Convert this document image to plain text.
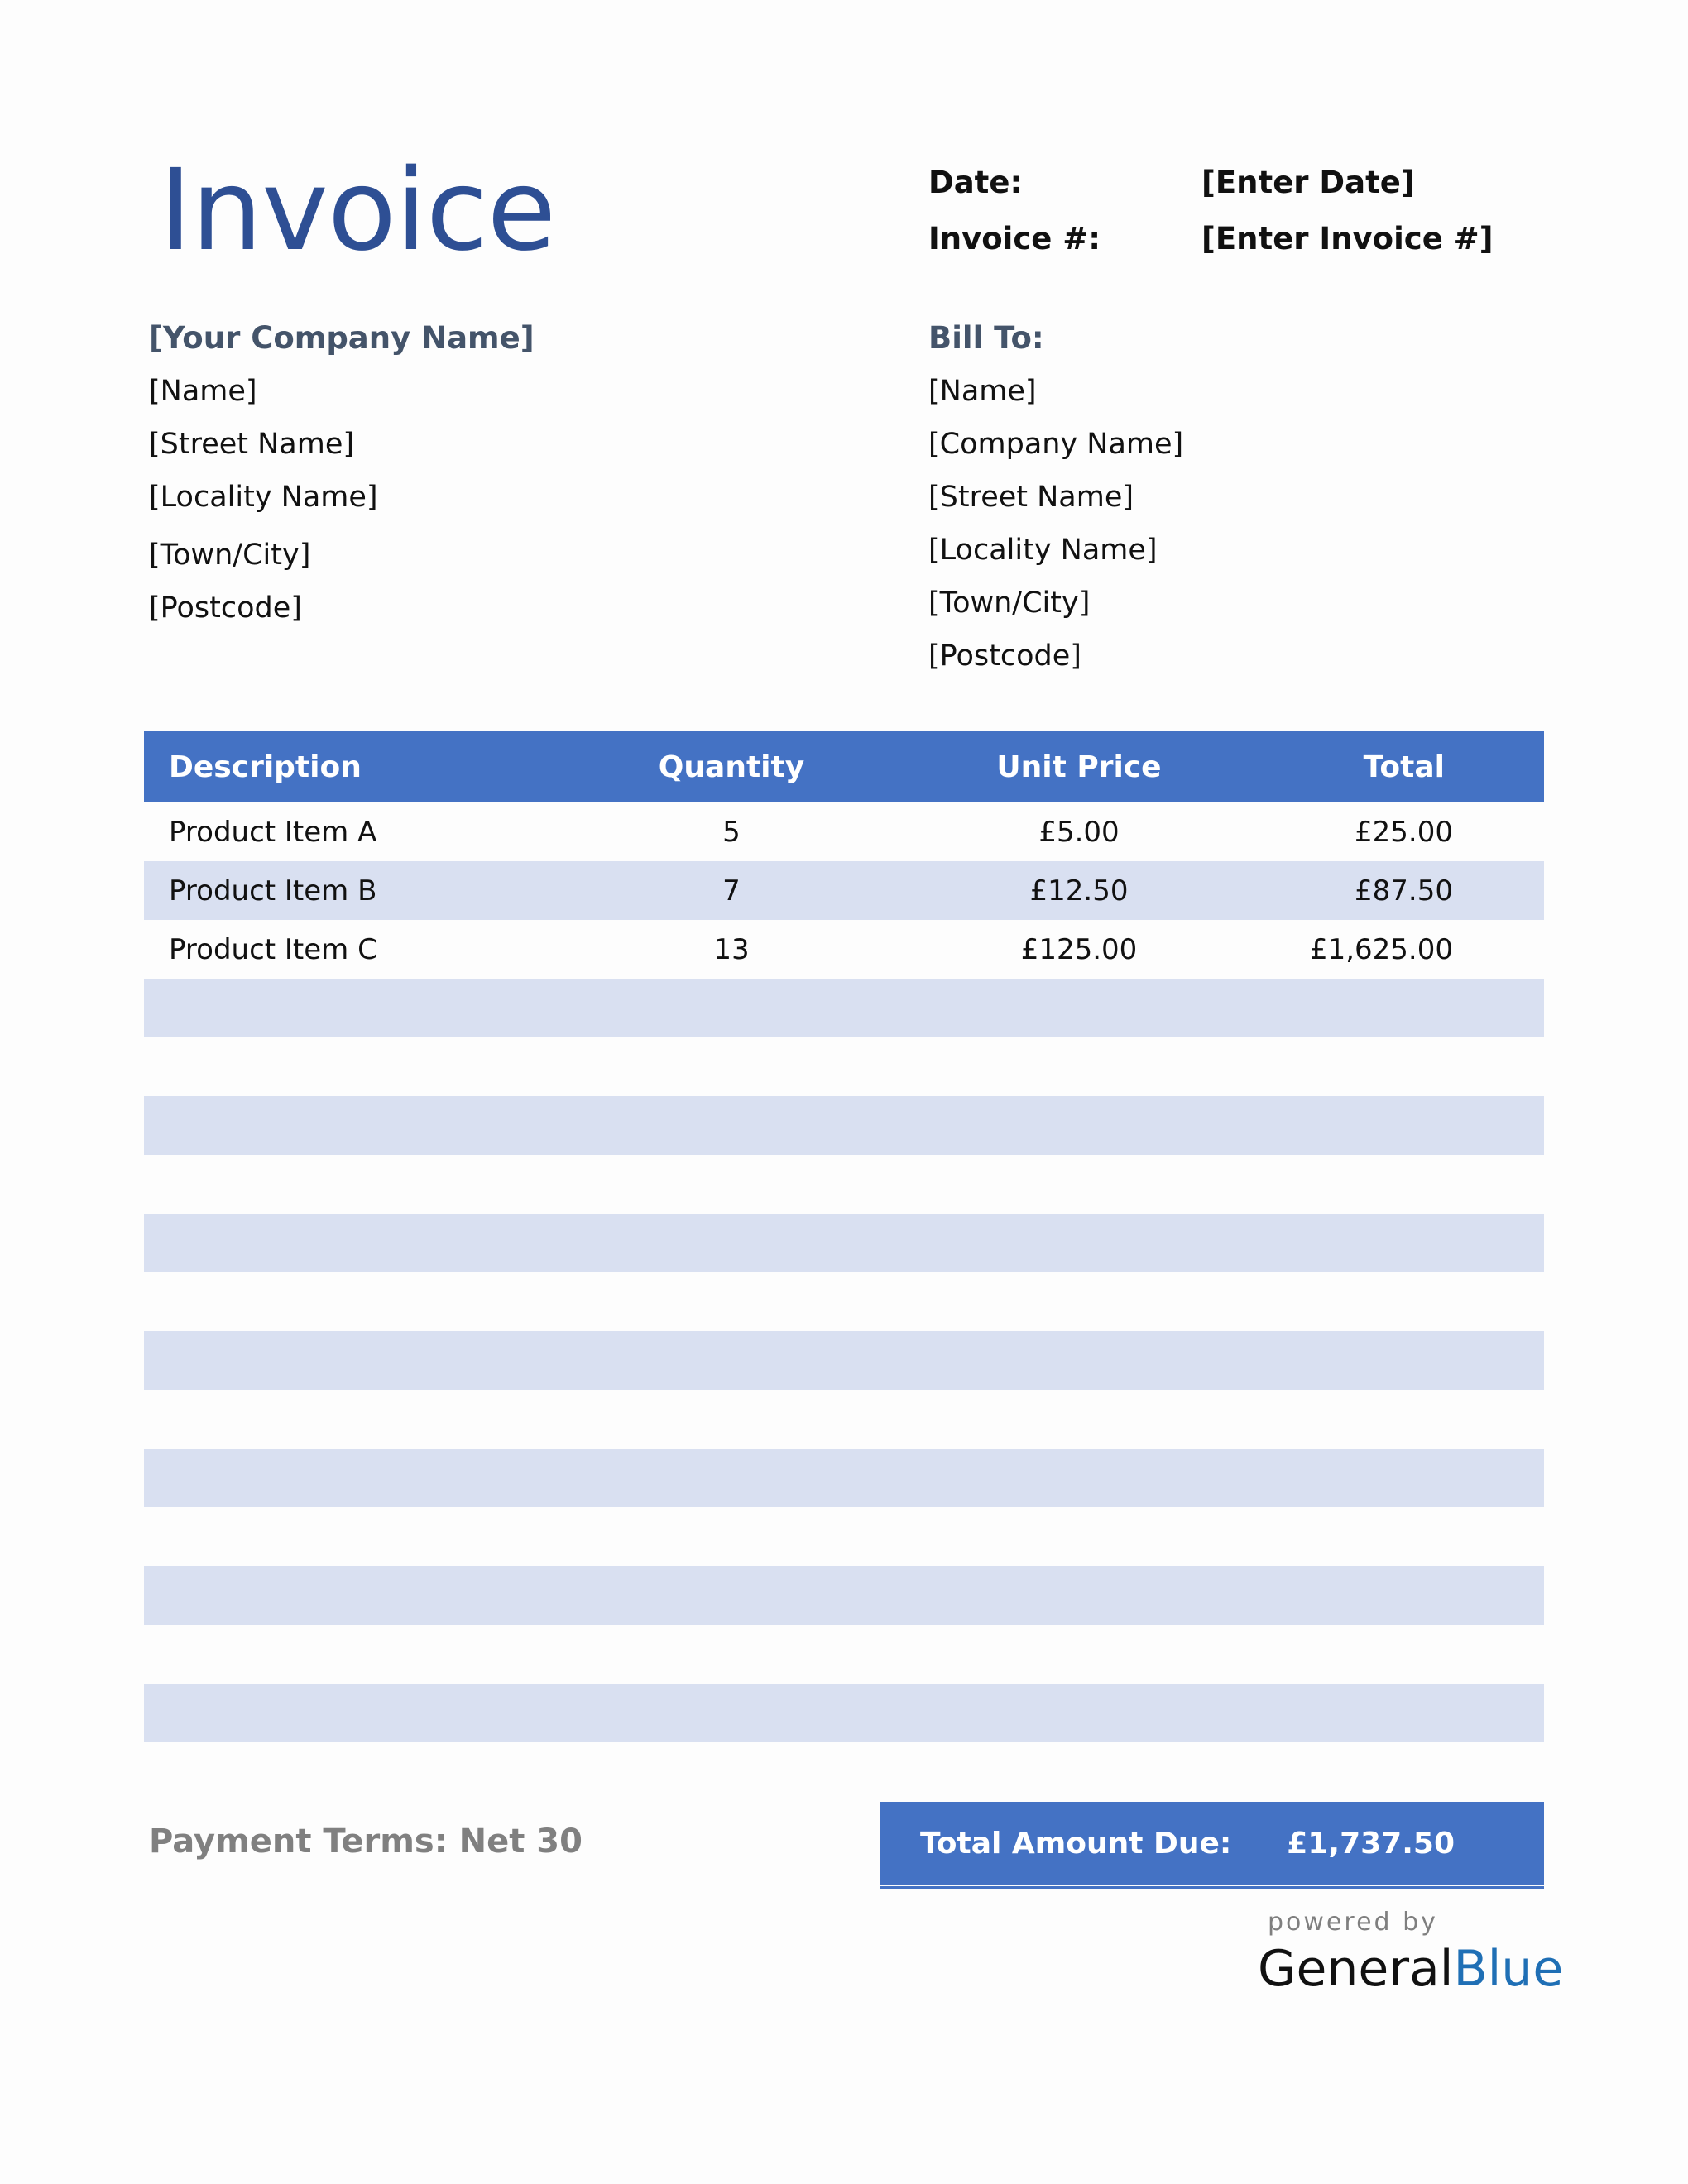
Invoice	Date:	[Enter Date]
Invoice #:	[Enter Invoice #]
[Your Company Name]
[Name]
[Street Name]
[Locality Name]
[Town/City]
[Postcode]
Bill To:
[Name]
[Company Name]
[Street Name]
[Locality Name]
[Town/City]
[Postcode]
Description	Quantity	Unit Price	Total
Product Item A	5	£5.00	£25.00
Product Item B	7	£12.50	£87.50
Product Item C	13	£125.00	£1,625.00
Payment Terms: Net 30	Total Amount Due: £1,737.50
powered by
GeneralBlue
